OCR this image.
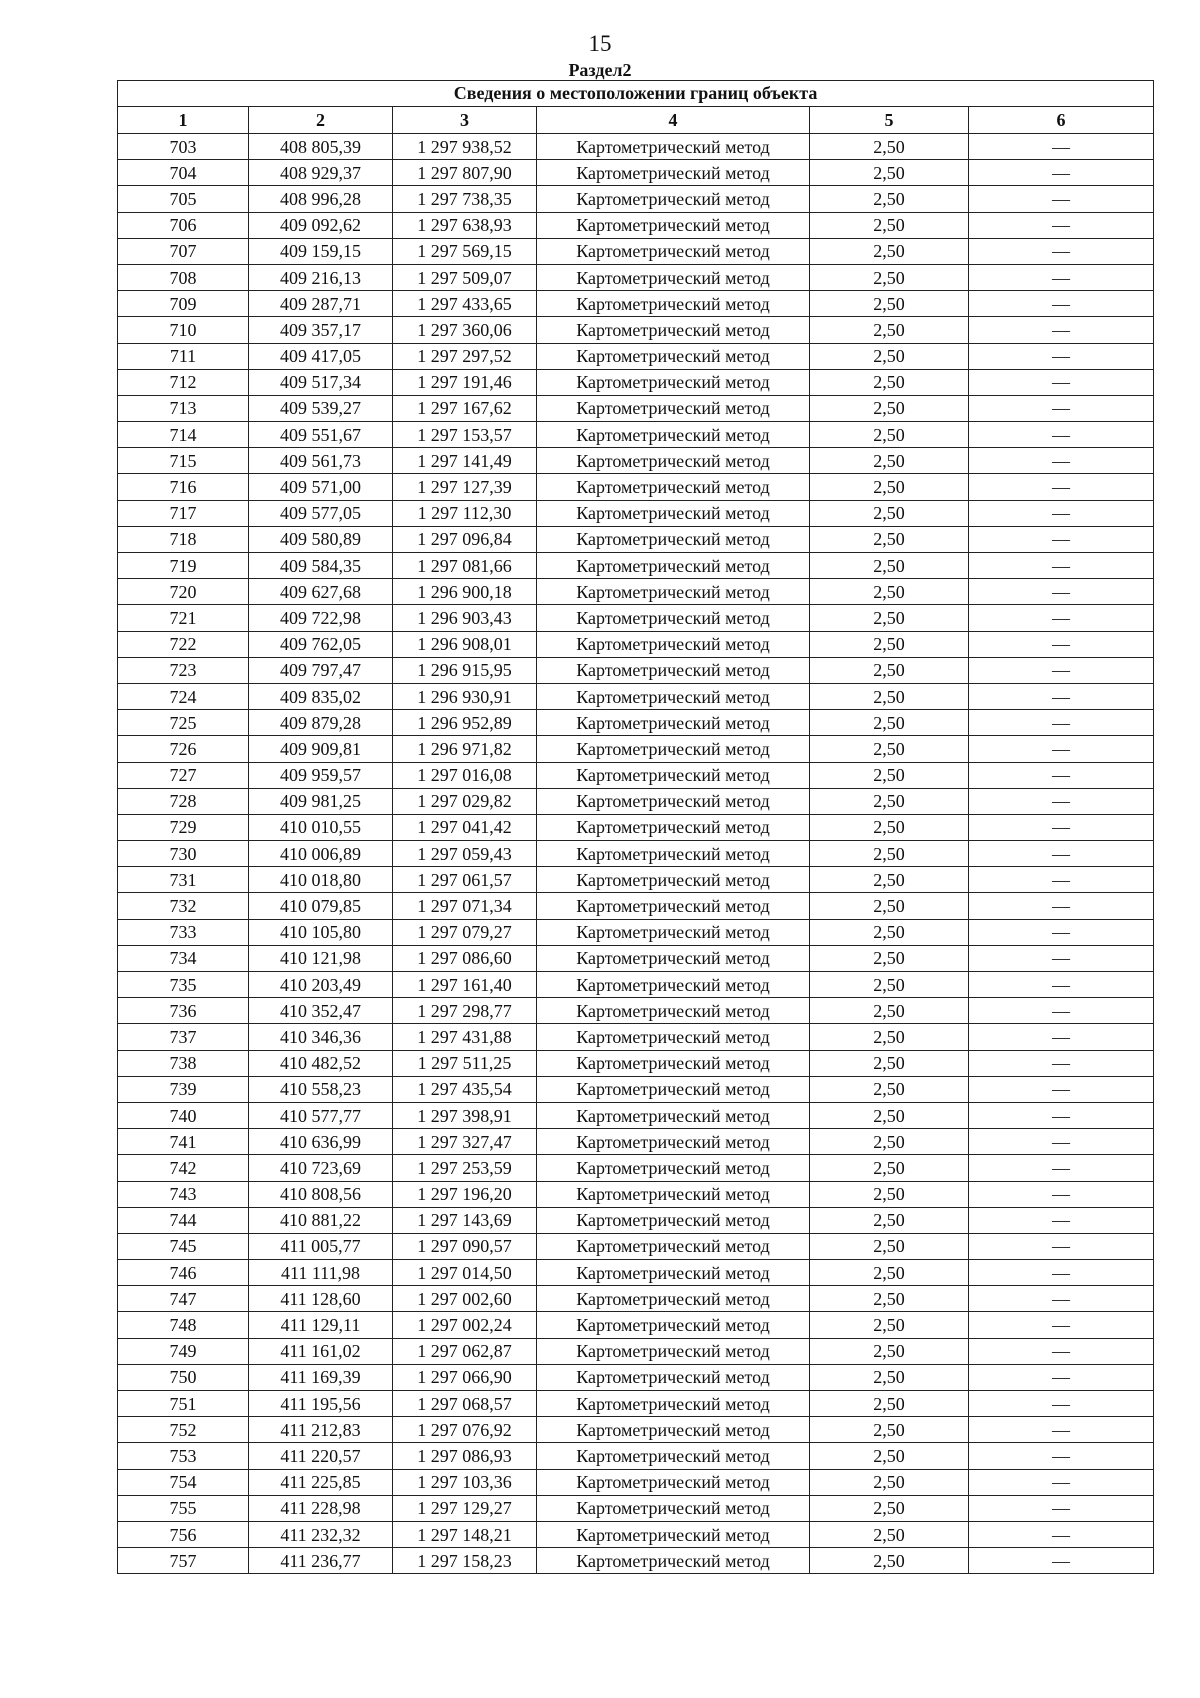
15
Раздел2
Сведения о местоположении границ объекта					
1	2	3	4	5	6
703	408 805,39	1 297 938,52	Картометрический метод	2,50	—
704	408 929,37	1 297 807,90	Картометрический метод	2,50	—
705	408 996,28	1 297 738,35	Картометрический метод	2,50	—
706	409 092,62	1 297 638,93	Картометрический метод	2,50	—
707	409 159,15	1 297 569,15	Картометрический метод	2,50	—
708	409 216,13	1 297 509,07	Картометрический метод	2,50	—
709	409 287,71	1 297 433,65	Картометрический метод	2,50	—
710	409 357,17	1 297 360,06	Картометрический метод	2,50	—
711	409 417,05	1 297 297,52	Картометрический метод	2,50	—
712	409 517,34	1 297 191,46	Картометрический метод	2,50	—
713	409 539,27	1 297 167,62	Картометрический метод	2,50	—
714	409 551,67	1 297 153,57	Картометрический метод	2,50	—
715	409 561,73	1 297 141,49	Картометрический метод	2,50	—
716	409 571,00	1 297 127,39	Картометрический метод	2,50	—
717	409 577,05	1 297 112,30	Картометрический метод	2,50	—
718	409 580,89	1 297 096,84	Картометрический метод	2,50	—
719	409 584,35	1 297 081,66	Картометрический метод	2,50	—
720	409 627,68	1 296 900,18	Картометрический метод	2,50	—
721	409 722,98	1 296 903,43	Картометрический метод	2,50	—
722	409 762,05	1 296 908,01	Картометрический метод	2,50	—
723	409 797,47	1 296 915,95	Картометрический метод	2,50	—
724	409 835,02	1 296 930,91	Картометрический метод	2,50	—
725	409 879,28	1 296 952,89	Картометрический метод	2,50	—
726	409 909,81	1 296 971,82	Картометрический метод	2,50	—
727	409 959,57	1 297 016,08	Картометрический метод	2,50	—
728	409 981,25	1 297 029,82	Картометрический метод	2,50	—
729	410 010,55	1 297 041,42	Картометрический метод	2,50	—
730	410 006,89	1 297 059,43	Картометрический метод	2,50	—
731	410 018,80	1 297 061,57	Картометрический метод	2,50	—
732	410 079,85	1 297 071,34	Картометрический метод	2,50	—
733	410 105,80	1 297 079,27	Картометрический метод	2,50	—
734	410 121,98	1 297 086,60	Картометрический метод	2,50	—
735	410 203,49	1 297 161,40	Картометрический метод	2,50	—
736	410 352,47	1 297 298,77	Картометрический метод	2,50	—
737	410 346,36	1 297 431,88	Картометрический метод	2,50	—
738	410 482,52	1 297 511,25	Картометрический метод	2,50	—
739	410 558,23	1 297 435,54	Картометрический метод	2,50	—
740	410 577,77	1 297 398,91	Картометрический метод	2,50	—
741	410 636,99	1 297 327,47	Картометрический метод	2,50	—
742	410 723,69	1 297 253,59	Картометрический метод	2,50	—
743	410 808,56	1 297 196,20	Картометрический метод	2,50	—
744	410 881,22	1 297 143,69	Картометрический метод	2,50	—
745	411 005,77	1 297 090,57	Картометрический метод	2,50	—
746	411 111,98	1 297 014,50	Картометрический метод	2,50	—
747	411 128,60	1 297 002,60	Картометрический метод	2,50	—
748	411 129,11	1 297 002,24	Картометрический метод	2,50	—
749	411 161,02	1 297 062,87	Картометрический метод	2,50	—
750	411 169,39	1 297 066,90	Картометрический метод	2,50	—
751	411 195,56	1 297 068,57	Картометрический метод	2,50	—
752	411 212,83	1 297 076,92	Картометрический метод	2,50	—
753	411 220,57	1 297 086,93	Картометрический метод	2,50	—
754	411 225,85	1 297 103,36	Картометрический метод	2,50	—
755	411 228,98	1 297 129,27	Картометрический метод	2,50	—
756	411 232,32	1 297 148,21	Картометрический метод	2,50	—
757	411 236,77	1 297 158,23	Картометрический метод	2,50	—
